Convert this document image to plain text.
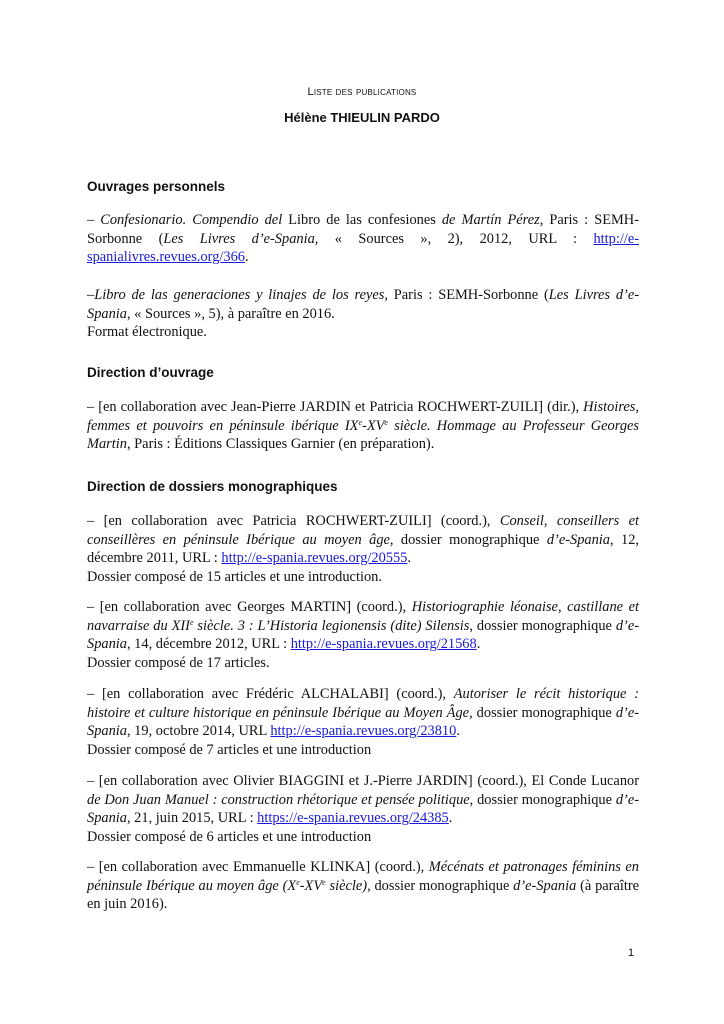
Liste des publications
Hélène THIEULIN PARDO
Ouvrages personnels

– Confesionario. Compendio del Libro de las confesiones de Martín Pérez, Paris : SEMH-Sorbonne (Les Livres d’e-Spania, « Sources », 2), 2012, URL : http://e-spanialivres.revues.org/366.

–Libro de las generaciones y linajes de los reyes, Paris : SEMH-Sorbonne (Les Livres d’e-Spania, « Sources », 5), à paraître en 2016.
Format électronique.

Direction d’ouvrage

– [en collaboration avec Jean-Pierre JARDIN et Patricia ROCHWERT-ZUILI] (dir.), Histoires, femmes et pouvoirs en péninsule ibérique IXe-XVe siècle. Hommage au Professeur Georges Martin, Paris : Éditions Classiques Garnier (en préparation).

Direction de dossiers monographiques

– [en collaboration avec Patricia ROCHWERT-ZUILI] (coord.), Conseil, conseillers et conseillères en péninsule Ibérique au moyen âge, dossier monographique d’e-Spania, 12, décembre 2011, URL : http://e-spania.revues.org/20555.
Dossier composé de 15 articles et une introduction.

– [en collaboration avec Georges MARTIN] (coord.), Historiographie léonaise, castillane et navarraise du XIIe siècle. 3 : L’Historia legionensis (dite) Silensis, dossier monographique d’e-Spania, 14, décembre 2012, URL : http://e-spania.revues.org/21568.
Dossier composé de 17 articles.

– [en collaboration avec Frédéric ALCHALABI] (coord.), Autoriser le récit historique : histoire et culture historique en péninsule Ibérique au Moyen Âge, dossier monographique d’e-Spania, 19, octobre 2014, URL http://e-spania.revues.org/23810.
Dossier composé de 7 articles et une introduction

– [en collaboration avec Olivier BIAGGINI et J.-Pierre JARDIN] (coord.), El Conde Lucanor de Don Juan Manuel : construction rhétorique et pensée politique, dossier monographique d’e-Spania, 21, juin 2015, URL : https://e-spania.revues.org/24385.
Dossier composé de 6 articles et une introduction

– [en collaboration avec Emmanuelle KLINKA] (coord.), Mécénats et patronages féminins en péninsule Ibérique au moyen âge (Xe-XVe siècle), dossier monographique d’e-Spania (à paraître en juin 2016).

1
